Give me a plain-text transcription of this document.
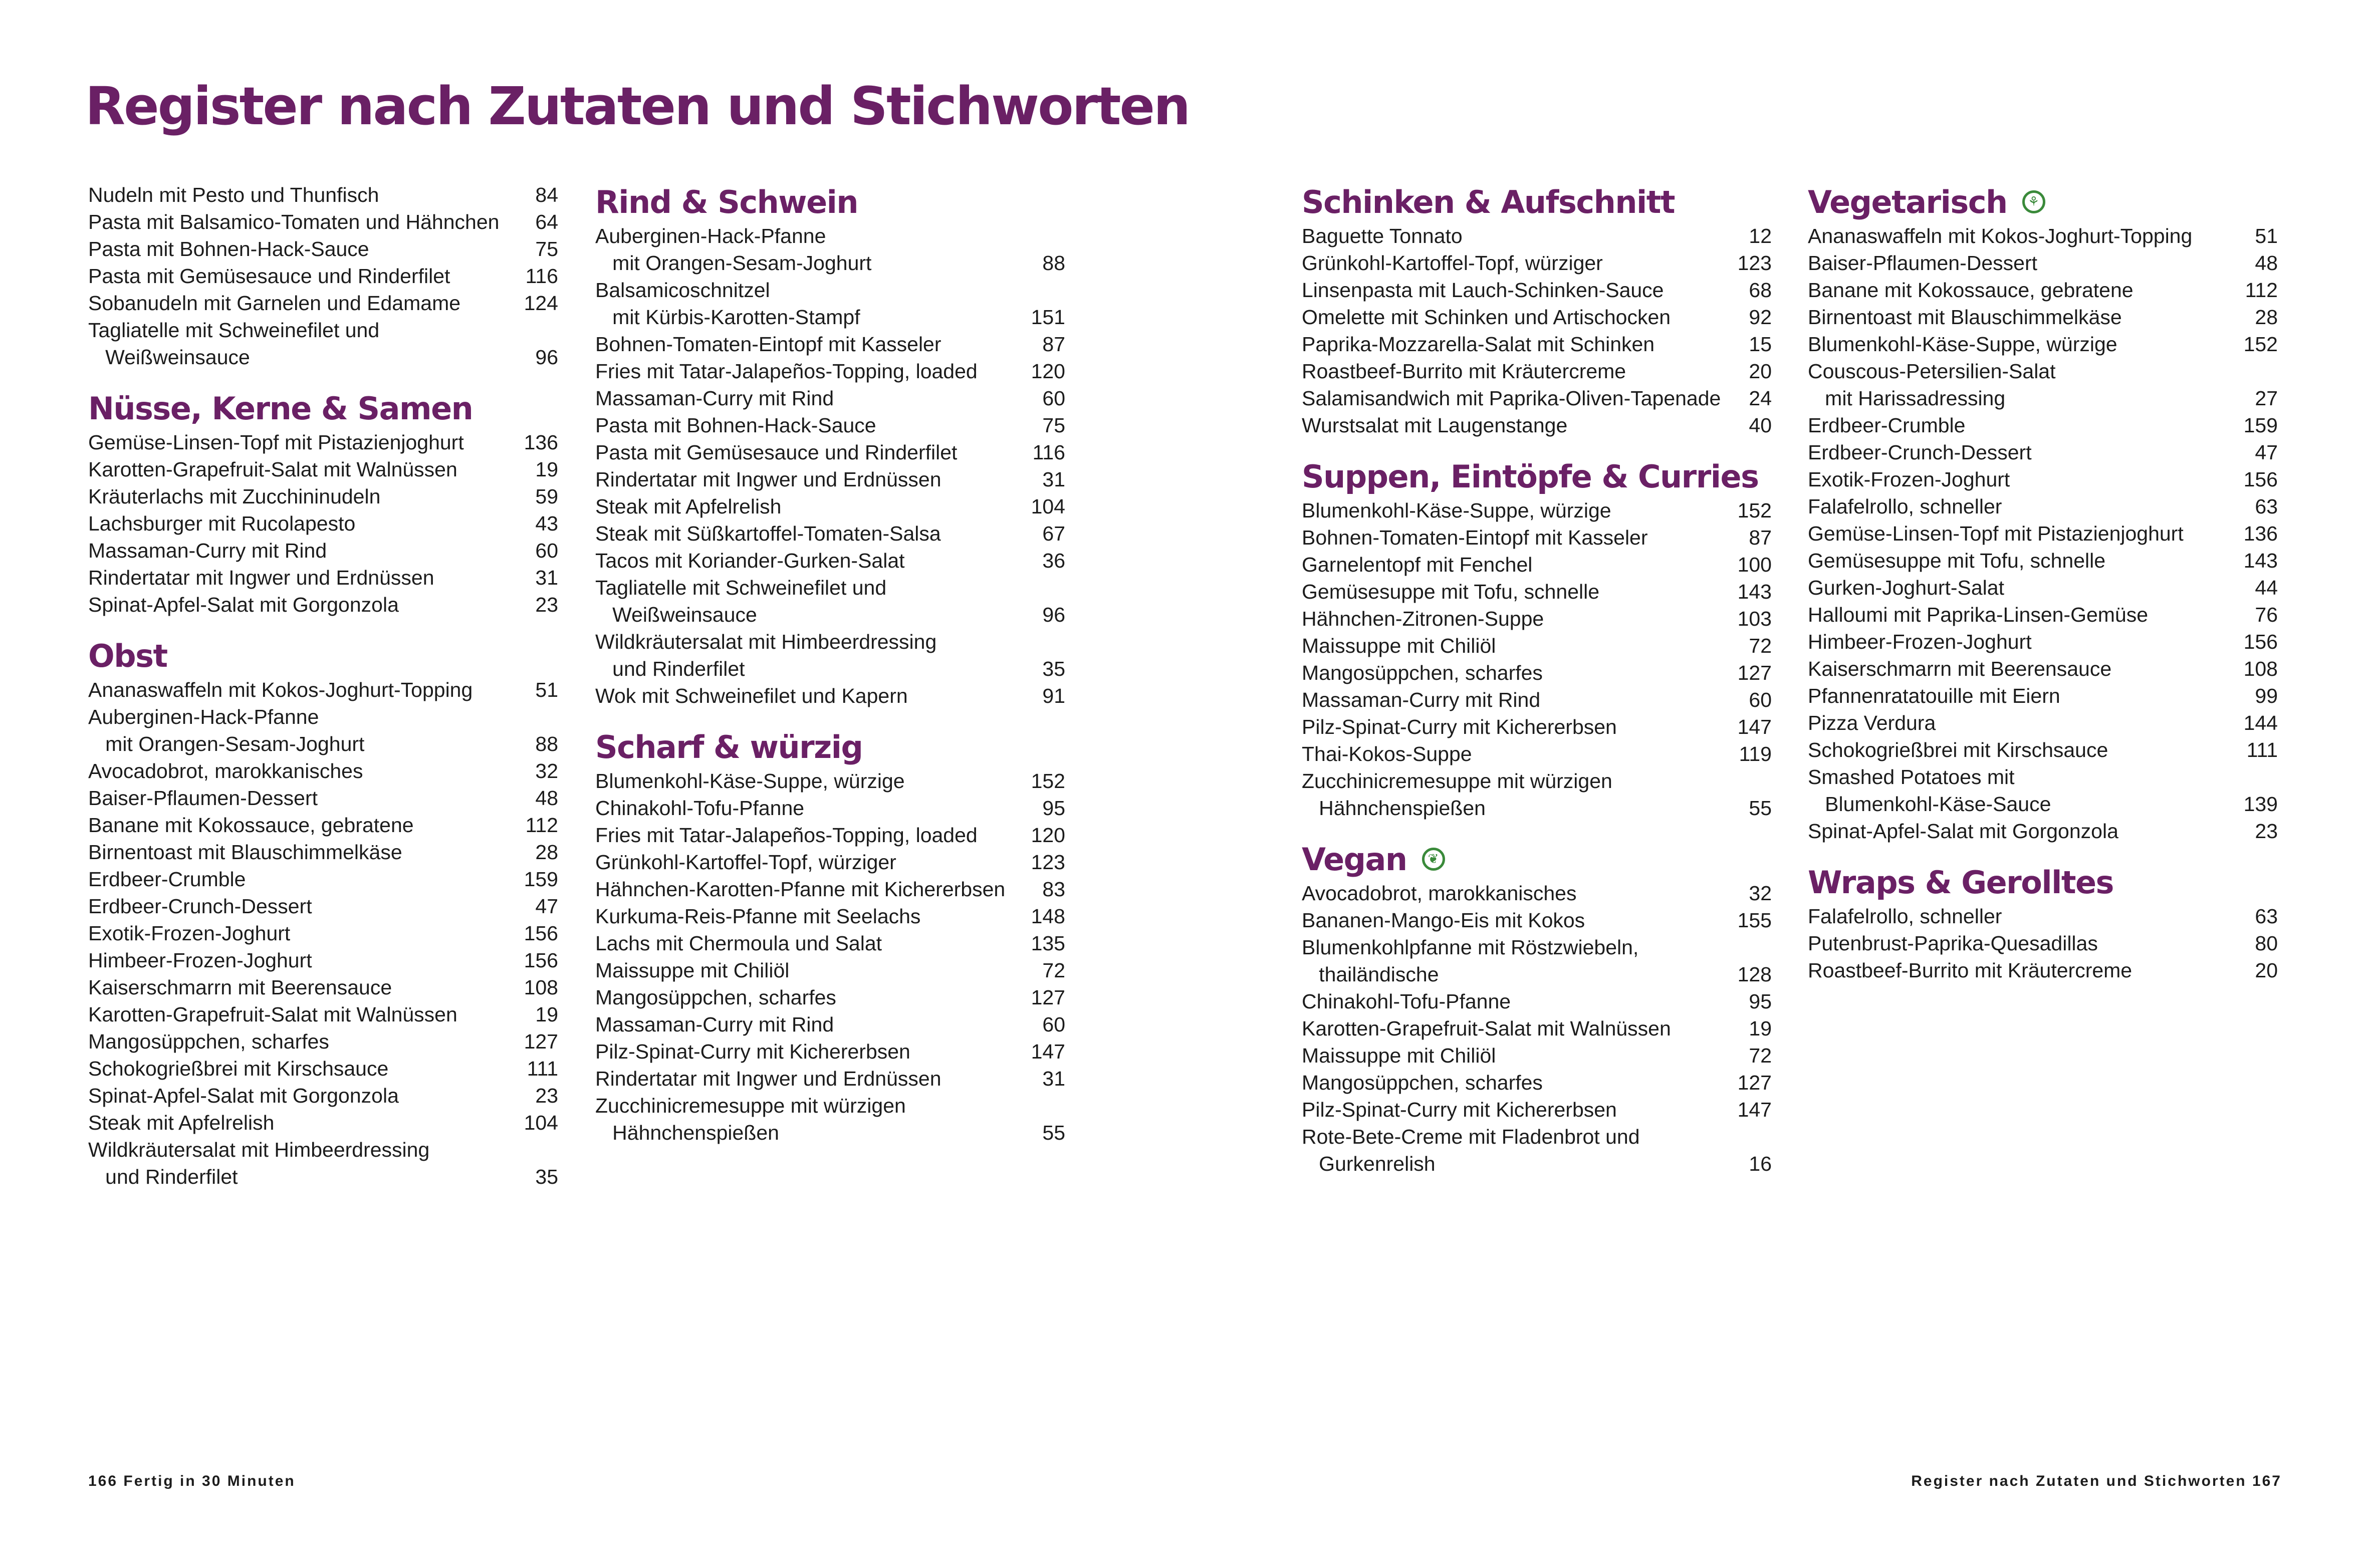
Register nach Zutaten und Stichworten
Nudeln mit Pesto und Thunfisch	84
Pasta mit Balsamico-Tomaten und Hähnchen 64
Pasta mit Bohnen-Hack-Sauce	75
Pasta mit Gemüsesauce und Rinderfilet	116
Sobanudeln mit Garnelen und Edamame	124
Tagliatelle mit Schweinefilet und
Weißweinsauce	96
Nüsse, Kerne & Samen
Gemüse-Linsen-Topf mit Pistazienjoghurt	136
Karotten-Grapefruit-Salat mit Walnüssen	19
Kräuterlachs mit Zucchininudeln	59
Lachsburger mit Rucolapesto	43
Massaman-Curry mit Rind	60
Rindertatar mit Ingwer und Erdnüssen	31
Spinat-Apfel-Salat mit Gorgonzola	23
Obst
Ananaswaffeln mit Kokos-Joghurt-Topping	51
Auberginen-Hack-Pfanne
mit Orangen-Sesam-Joghurt	88
Avocadobrot, marokkanisches	32
Baiser-Pflaumen-Dessert	48
Banane mit Kokossauce, gebratene	112
Birnentoast mit Blauschimmelkäse	28
Erdbeer-Crumble	159
Erdbeer-Crunch-Dessert	47
Exotik-Frozen-Joghurt	156
Himbeer-Frozen-Joghurt	156
Kaiserschmarrn mit Beerensauce	108
Karotten-Grapefruit-Salat mit Walnüssen	19
Mangosüppchen, scharfes	127
Schokogrießbrei mit Kirschsauce	111
Spinat-Apfel-Salat mit Gorgonzola	23
Steak mit Apfelrelish	104
Wildkräutersalat mit Himbeerdressing
und Rinderfilet	35
Rind & Schwein
Auberginen-Hack-Pfanne
mit Orangen-Sesam-Joghurt	88
Balsamicoschnitzel
mit Kürbis-Karotten-Stampf	151
Bohnen-Tomaten-Eintopf mit Kasseler	87
Fries mit Tatar-Jalapeños-Topping, loaded	120
Massaman-Curry mit Rind	60
Pasta mit Bohnen-Hack-Sauce	75
Pasta mit Gemüsesauce und Rinderfilet	116
Rindertatar mit Ingwer und Erdnüssen	31
Steak mit Apfelrelish	104
Steak mit Süßkartoffel-Tomaten-Salsa	67
Tacos mit Koriander-Gurken-Salat	36
Tagliatelle mit Schweinefilet und
Weißweinsauce	96
Wildkräutersalat mit Himbeerdressing
und Rinderfilet	35
Wok mit Schweinefilet und Kapern	91
Scharf & würzig
Blumenkohl-Käse-Suppe, würzige	152
Chinakohl-Tofu-Pfanne	95
Fries mit Tatar-Jalapeños-Topping, loaded	120
Grünkohl-Kartoffel-Topf, würziger	123
Hähnchen-Karotten-Pfanne mit Kichererbsen 83
Kurkuma-Reis-Pfanne mit Seelachs	148
Lachs mit Chermoula und Salat	135
Maissuppe mit Chiliöl	72
Mangosüppchen, scharfes	127
Massaman-Curry mit Rind	60
Pilz-Spinat-Curry mit Kichererbsen	147
Rindertatar mit Ingwer und Erdnüssen	31
Zucchinicremesuppe mit würzigen
Hähnchenspießen	55
Schinken & Aufschnitt
Baguette Tonnato	12
Grünkohl-Kartoffel-Topf, würziger	123
Linsenpasta mit Lauch-Schinken-Sauce	68
Omelette mit Schinken und Artischocken	92
Paprika-Mozzarella-Salat mit Schinken	15
Roastbeef-Burrito mit Kräutercreme	20
Salamisandwich mit Paprika-Oliven-Tapenade 24
Wurstsalat mit Laugenstange	40
Suppen, Eintöpfe & Curries
Blumenkohl-Käse-Suppe, würzige	152
Bohnen-Tomaten-Eintopf mit Kasseler	87
Garnelentopf mit Fenchel	100
Gemüsesuppe mit Tofu, schnelle	143
Hähnchen-Zitronen-Suppe	103
Maissuppe mit Chiliöl	72
Mangosüppchen, scharfes	127
Massaman-Curry mit Rind	60
Pilz-Spinat-Curry mit Kichererbsen	147
Thai-Kokos-Suppe	119
Zucchinicremesuppe mit würzigen
Hähnchenspießen	55
Vegan	❦
Avocadobrot, marokkanisches	32
Bananen-Mango-Eis mit Kokos	155
Blumenkohlpfanne mit Röstzwiebeln,
thailändische	128
Chinakohl-Tofu-Pfanne	95
Karotten-Grapefruit-Salat mit Walnüssen	19
Maissuppe mit Chiliöl	72
Mangosüppchen, scharfes	127
Pilz-Spinat-Curry mit Kichererbsen	147
Rote-Bete-Creme mit Fladenbrot und
Gurkenrelish	16
Vegetarisch	⚘
Ananaswaffeln mit Kokos-Joghurt-Topping	51
Baiser-Pflaumen-Dessert	48
Banane mit Kokossauce, gebratene	112
Birnentoast mit Blauschimmelkäse	28
Blumenkohl-Käse-Suppe, würzige	152
Couscous-Petersilien-Salat
mit Harissadressing	27
Erdbeer-Crumble	159
Erdbeer-Crunch-Dessert	47
Exotik-Frozen-Joghurt	156
Falafelrollo, schneller	63
Gemüse-Linsen-Topf mit Pistazienjoghurt	136
Gemüsesuppe mit Tofu, schnelle	143
Gurken-Joghurt-Salat	44
Halloumi mit Paprika-Linsen-Gemüse	76
Himbeer-Frozen-Joghurt	156
Kaiserschmarrn mit Beerensauce	108
Pfannenratatouille mit Eiern	99
Pizza Verdura	144
Schokogrießbrei mit Kirschsauce	111
Smashed Potatoes mit
Blumenkohl-Käse-Sauce	139
Spinat-Apfel-Salat mit Gorgonzola	23
Wraps & Gerolltes
Falafelrollo, schneller	63
Putenbrust-Paprika-Quesadillas	80
Roastbeef-Burrito mit Kräutercreme	20
166 Fertig in 30 Minuten	Register nach Zutaten und Stichworten 167
